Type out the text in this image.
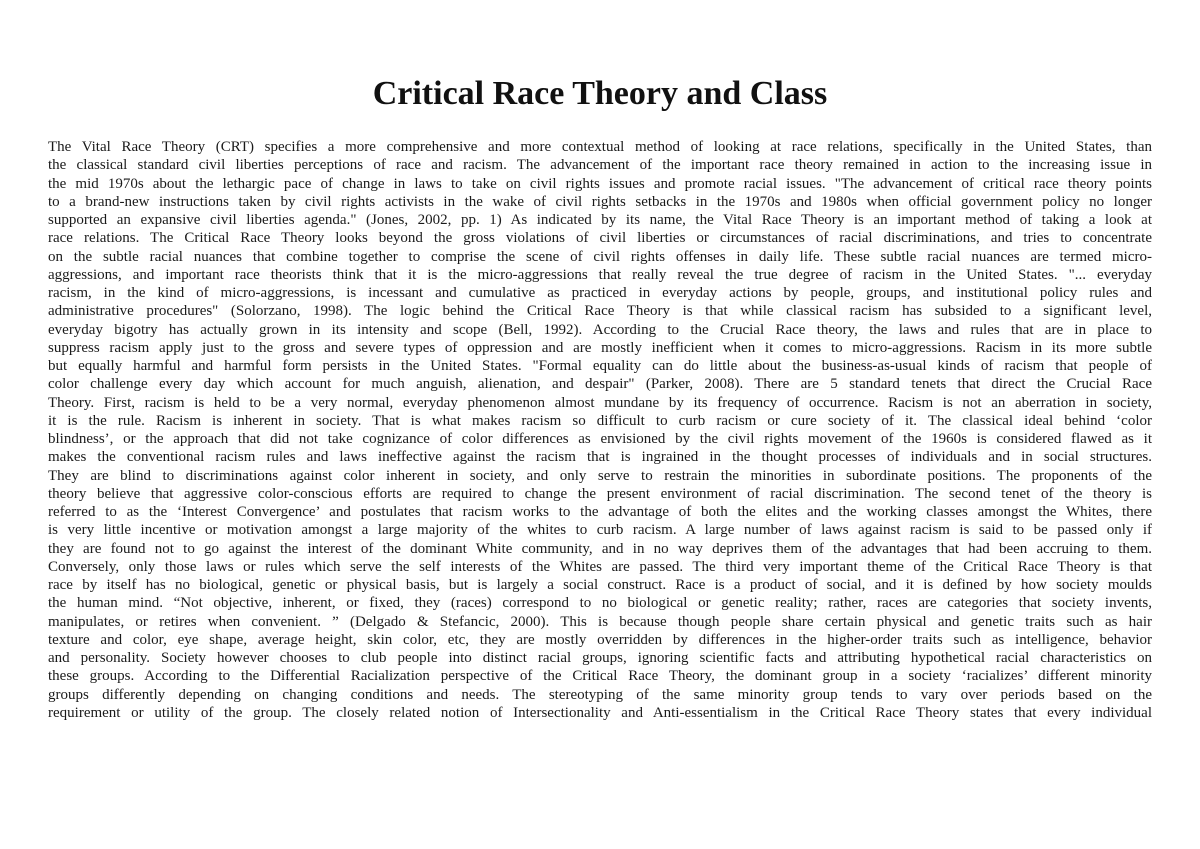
Critical Race Theory and Class
The Vital Race Theory (CRT) specifies a more comprehensive and more contextual method of looking at race relations, specifically in the United States, than
the classical standard civil liberties perceptions of race and racism. The advancement of the important race theory remained in action to the increasing issue in
the mid 1970s about the lethargic pace of change in laws to take on civil rights issues and promote racial issues. "The advancement of critical race theory points
to a brand-new instructions taken by civil rights activists in the wake of civil rights setbacks in the 1970s and 1980s when official government policy no longer
supported an expansive civil liberties agenda." (Jones, 2002, pp. 1) As indicated by its name, the Vital Race Theory is an important method of taking a look at
race relations. The Critical Race Theory looks beyond the gross violations of civil liberties or circumstances of racial discriminations, and tries to concentrate
on the subtle racial nuances that combine together to comprise the scene of civil rights offenses in daily life. These subtle racial nuances are termed micro-
aggressions, and important race theorists think that it is the micro-aggressions that really reveal the true degree of racism in the United States. "... everyday
racism, in the kind of micro-aggressions, is incessant and cumulative as practiced in everyday actions by people, groups, and institutional policy rules and
administrative procedures" (Solorzano, 1998). The logic behind the Critical Race Theory is that while classical racism has subsided to a significant level,
everyday bigotry has actually grown in its intensity and scope (Bell, 1992). According to the Crucial Race theory, the laws and rules that are in place to
suppress racism apply just to the gross and severe types of oppression and are mostly inefficient when it comes to micro-aggressions. Racism in its more subtle
but equally harmful and harmful form persists in the United States. "Formal equality can do little about the business-as-usual kinds of racism that people of
color challenge every day which account for much anguish, alienation, and despair" (Parker, 2008). There are 5 standard tenets that direct the Crucial Race
Theory. First, racism is held to be a very normal, everyday phenomenon almost mundane by its frequency of occurrence. Racism is not an aberration in society,
it is the rule. Racism is inherent in society. That is what makes racism so difficult to curb racism or cure society of it. The classical ideal behind ‘color
blindness’, or the approach that did not take cognizance of color differences as envisioned by the civil rights movement of the 1960s is considered flawed as it
makes the conventional racism rules and laws ineffective against the racism that is ingrained in the thought processes of individuals and in social structures.
They are blind to discriminations against color inherent in society, and only serve to restrain the minorities in subordinate positions. The proponents of the
theory believe that aggressive color-conscious efforts are required to change the present environment of racial discrimination. The second tenet of the theory is
referred to as the ‘Interest Convergence’ and postulates that racism works to the advantage of both the elites and the working classes amongst the Whites, there
is very little incentive or motivation amongst a large majority of the whites to curb racism. A large number of laws against racism is said to be passed only if
they are found not to go against the interest of the dominant White community, and in no way deprives them of the advantages that had been accruing to them.
Conversely, only those laws or rules which serve the self interests of the Whites are passed. The third very important theme of the Critical Race Theory is that
race by itself has no biological, genetic or physical basis, but is largely a social construct. Race is a product of social, and it is defined by how society moulds
the human mind. “Not objective, inherent, or fixed, they (races) correspond to no biological or genetic reality; rather, races are categories that society invents,
manipulates, or retires when convenient. ” (Delgado & Stefancic, 2000). This is because though people share certain physical and genetic traits such as hair
texture and color, eye shape, average height, skin color, etc, they are mostly overridden by differences in the higher-order traits such as intelligence, behavior
and personality. Society however chooses to club people into distinct racial groups, ignoring scientific facts and attributing hypothetical racial characteristics on
these groups. According to the Differential Racialization perspective of the Critical Race Theory, the dominant group in a society ‘racializes’ different minority
groups differently depending on changing conditions and needs. The stereotyping of the same minority group tends to vary over periods based on the
requirement or utility of the group. The closely related notion of Intersectionality and Anti-essentialism in the Critical Race Theory states that every individual
